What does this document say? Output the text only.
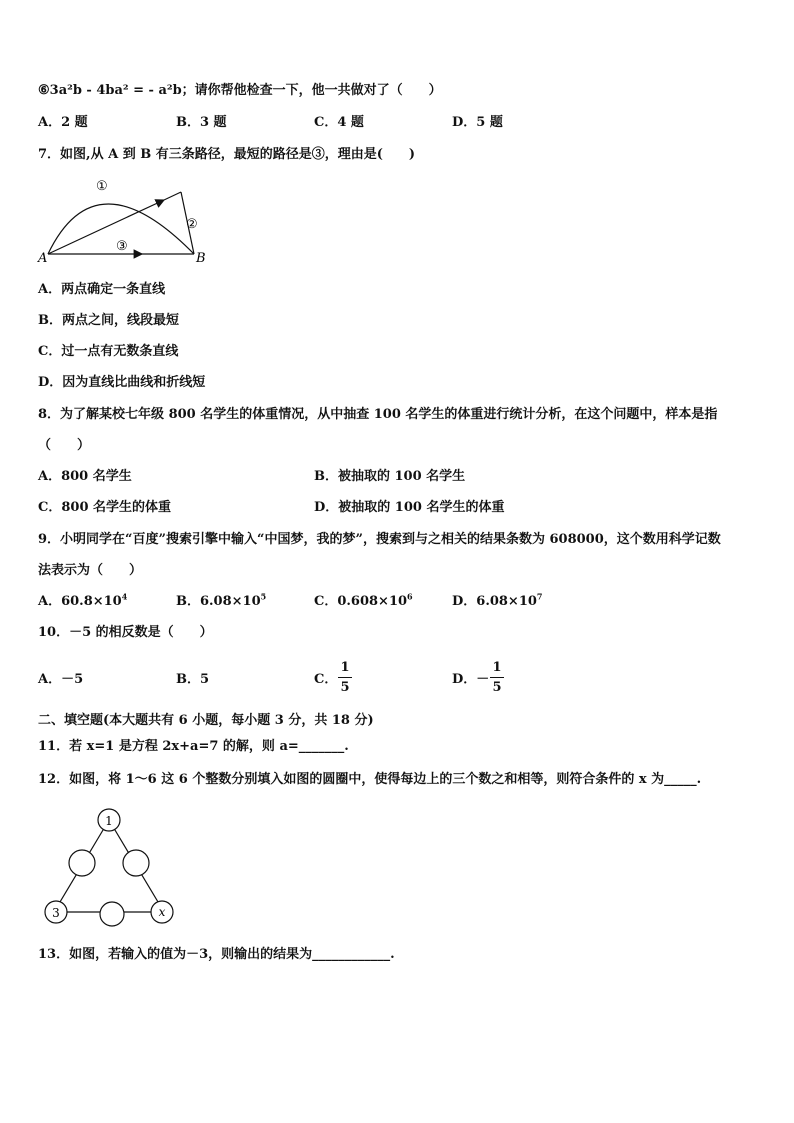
⑥3a²b - 4ba² = - a²b；请你帮他检查一下，他一共做对了（　　）
A．2 题	B．3 题	C．4 题	D．5 题
7．如图,从 A 到 B 有三条路径，最短的路径是③，理由是(　　)
A	B
①
②
③
A．两点确定一条直线
B．两点之间，线段最短
C．过一点有无数条直线
D．因为直线比曲线和折线短
8．为了解某校七年级 800 名学生的体重情况，从中抽查 100 名学生的体重进行统计分析，在这个问题中，样本是指
（　　）
A．800 名学生	B．被抽取的 100 名学生
C．800 名学生的体重	D．被抽取的 100 名学生的体重
9．小明同学在“百度”搜索引擎中输入“中国梦，我的梦”，搜索到与之相关的结果条数为 608000，这个数用科学记数
法表示为（　　）
A．$60.8\times 10^4$	B．$6.08\times 10^5$	C．$0.608\times 10^6$	D．$6.08\times 10^7$
10．－5 的相反数是（　　）
A．－5	B．5	C．
1
5
D．－
1
5
二、填空题(本大题共有 6 小题，每小题 3 分，共 18 分)
11．若 x=1 是方程 2x+a=7 的解，则 a=_______.
12．如图，将 1～6 这 6 个整数分别填入如图的圆圈中，使得每边上的三个数之和相等，则符合条件的 x 为_____.
1
3	x
13．如图，若输入的值为－3，则输出的结果为____________.
